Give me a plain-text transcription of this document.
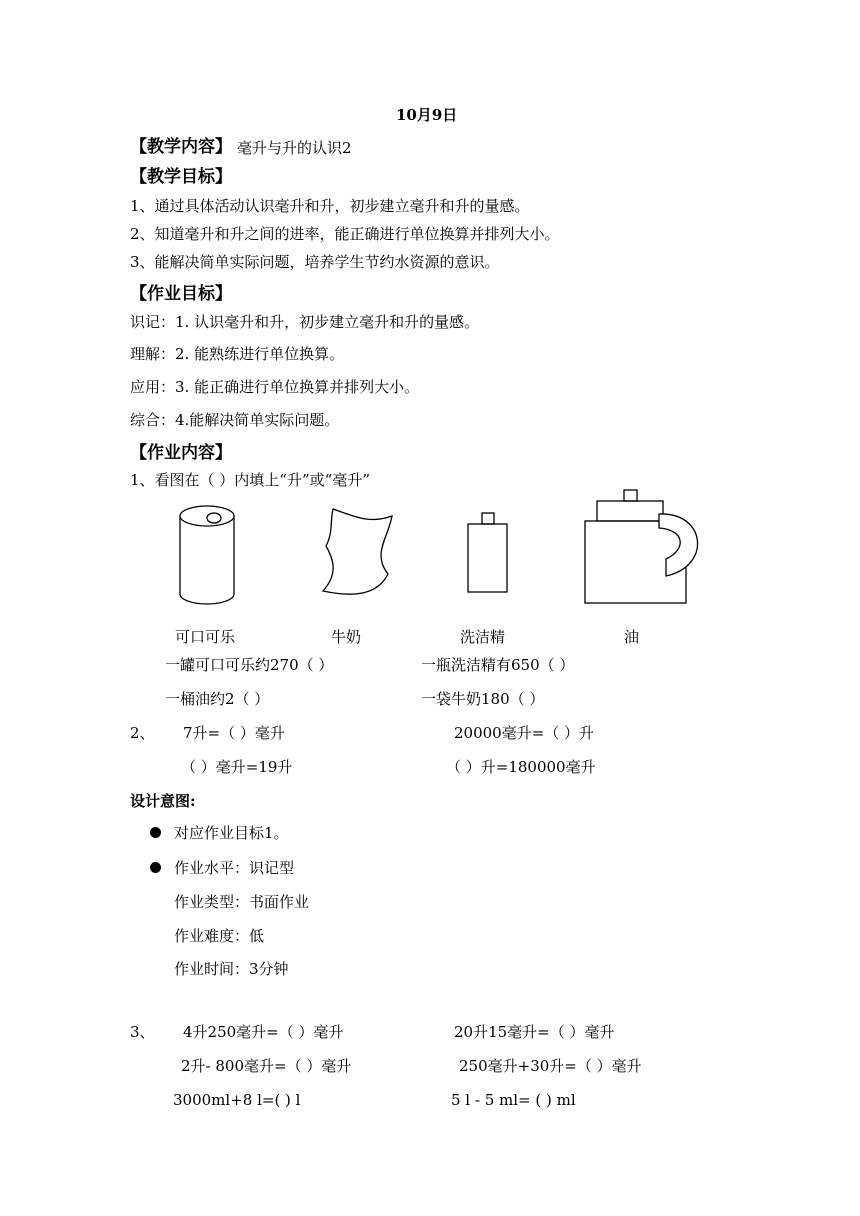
10月9日
【教学内容】 毫升与升的认识2
【教学目标】
1、通过具体活动认识毫升和升，初步建立毫升和升的量感。
2、知道毫升和升之间的进率，能正确进行单位换算并排列大小。
3、能解决简单实际问题，培养学生节约水资源的意识。
【作业目标】
识记：1. 认识毫升和升，初步建立毫升和升的量感。
理解：2. 能熟练进行单位换算。
应用：3. 能正确进行单位换算并排列大小。
综合：4.能解决简单实际问题。
【作业内容】
1、看图在（ ）内填上“升”或“毫升”
可口可乐	牛奶	洗洁精	油
一罐可口可乐约270（ ）	一瓶洗洁精有650（ ）
一桶油约2（ ）	一袋牛奶180（ ）
2、 7升=（ ）毫升	20000毫升=（ ）升
（ ）毫升=19升	（ ）升=180000毫升
设计意图:
对应作业目标1。
作业水平：识记型
作业类型：书面作业
作业难度：低
作业时间：3分钟
3、 4升250毫升=（ ）毫升	20升15毫升=（ ）毫升
2升- 800毫升=（ ）毫升	250毫升+30升=（ ）毫升
3000ml+8 l=( ) l	5 l - 5 ml= ( ) ml
